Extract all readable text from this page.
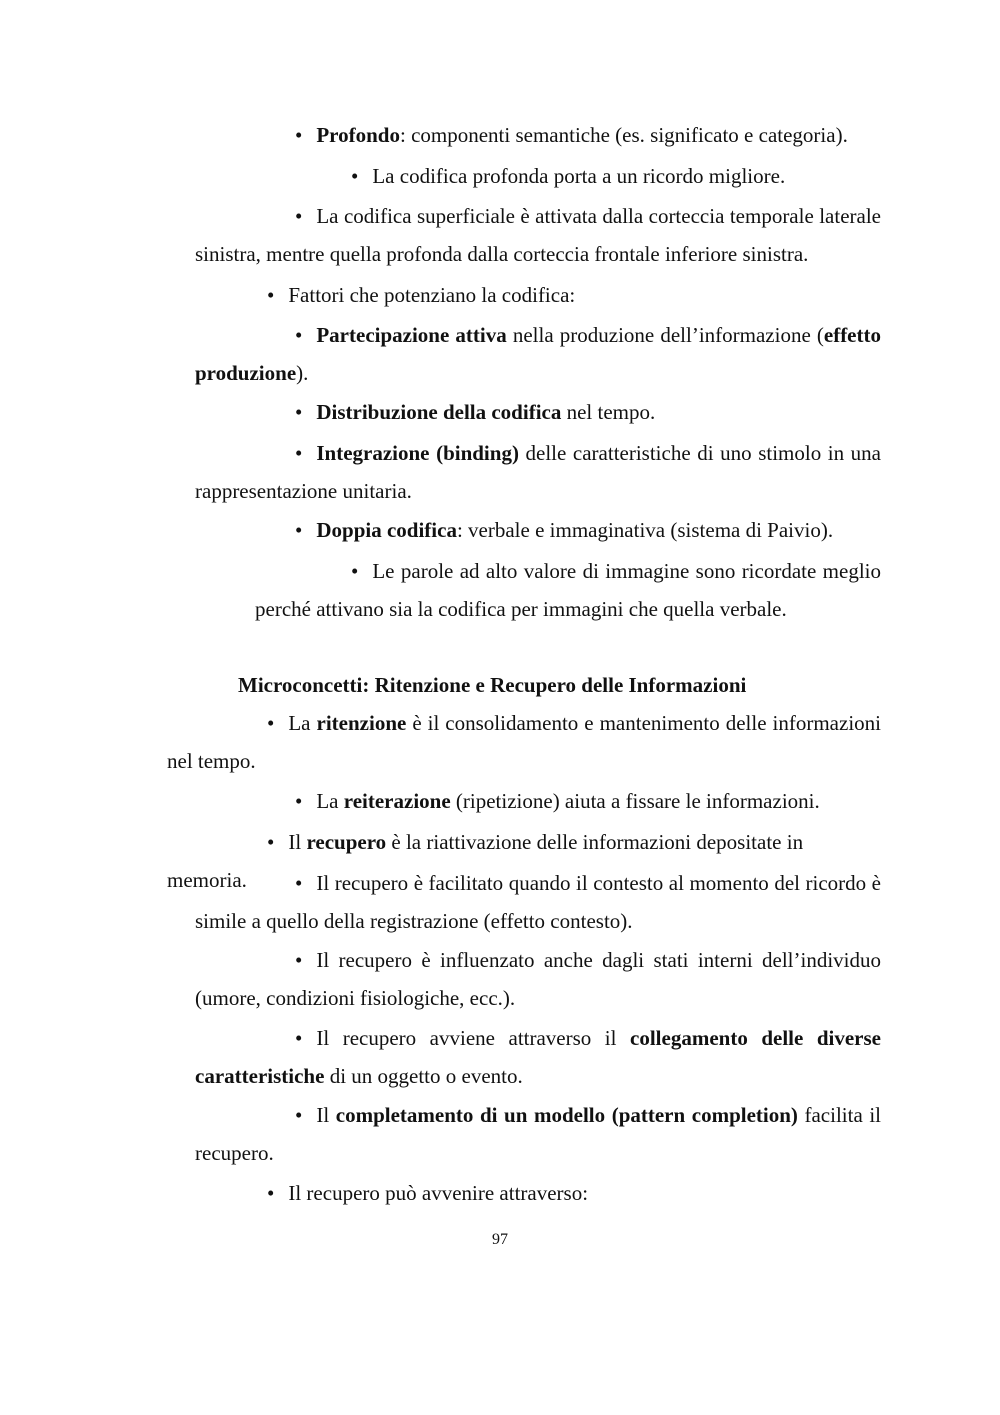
• Profondo: componenti semantiche (es. significato e categoria).

• La codifica profonda porta a un ricordo migliore.

• La codifica superficiale è attivata dalla corteccia temporale laterale sinistra, mentre quella profonda dalla corteccia frontale inferiore sinistra.

• Fattori che potenziano la codifica:

• Partecipazione attiva nella produzione dell’informazione (effetto produzione).

• Distribuzione della codifica nel tempo.

• Integrazione (binding) delle caratteristiche di uno stimolo in una rappresentazione unitaria.

• Doppia codifica: verbale e immaginativa (sistema di Paivio).

• Le parole ad alto valore di immagine sono ricordate meglio perché attivano sia la codifica per immagini che quella verbale.

Microconcetti: Ritenzione e Recupero delle Informazioni

• La ritenzione è il consolidamento e mantenimento delle informazioni nel tempo.

• La reiterazione (ripetizione) aiuta a fissare le informazioni.

• Il recupero è la riattivazione delle informazioni depositate in memoria.	• Il recupero è facilitato quando il contesto al momento del ricordo è simile a quello della registrazione (effetto contesto).

• Il recupero è influenzato anche dagli stati interni dell’individuo (umore, condizioni fisiologiche, ecc.).

• Il recupero avviene attraverso il collegamento delle diverse caratteristiche di un oggetto o evento.

• Il completamento di un modello (pattern completion) facilita il recupero.

• Il recupero può avvenire attraverso:

97
